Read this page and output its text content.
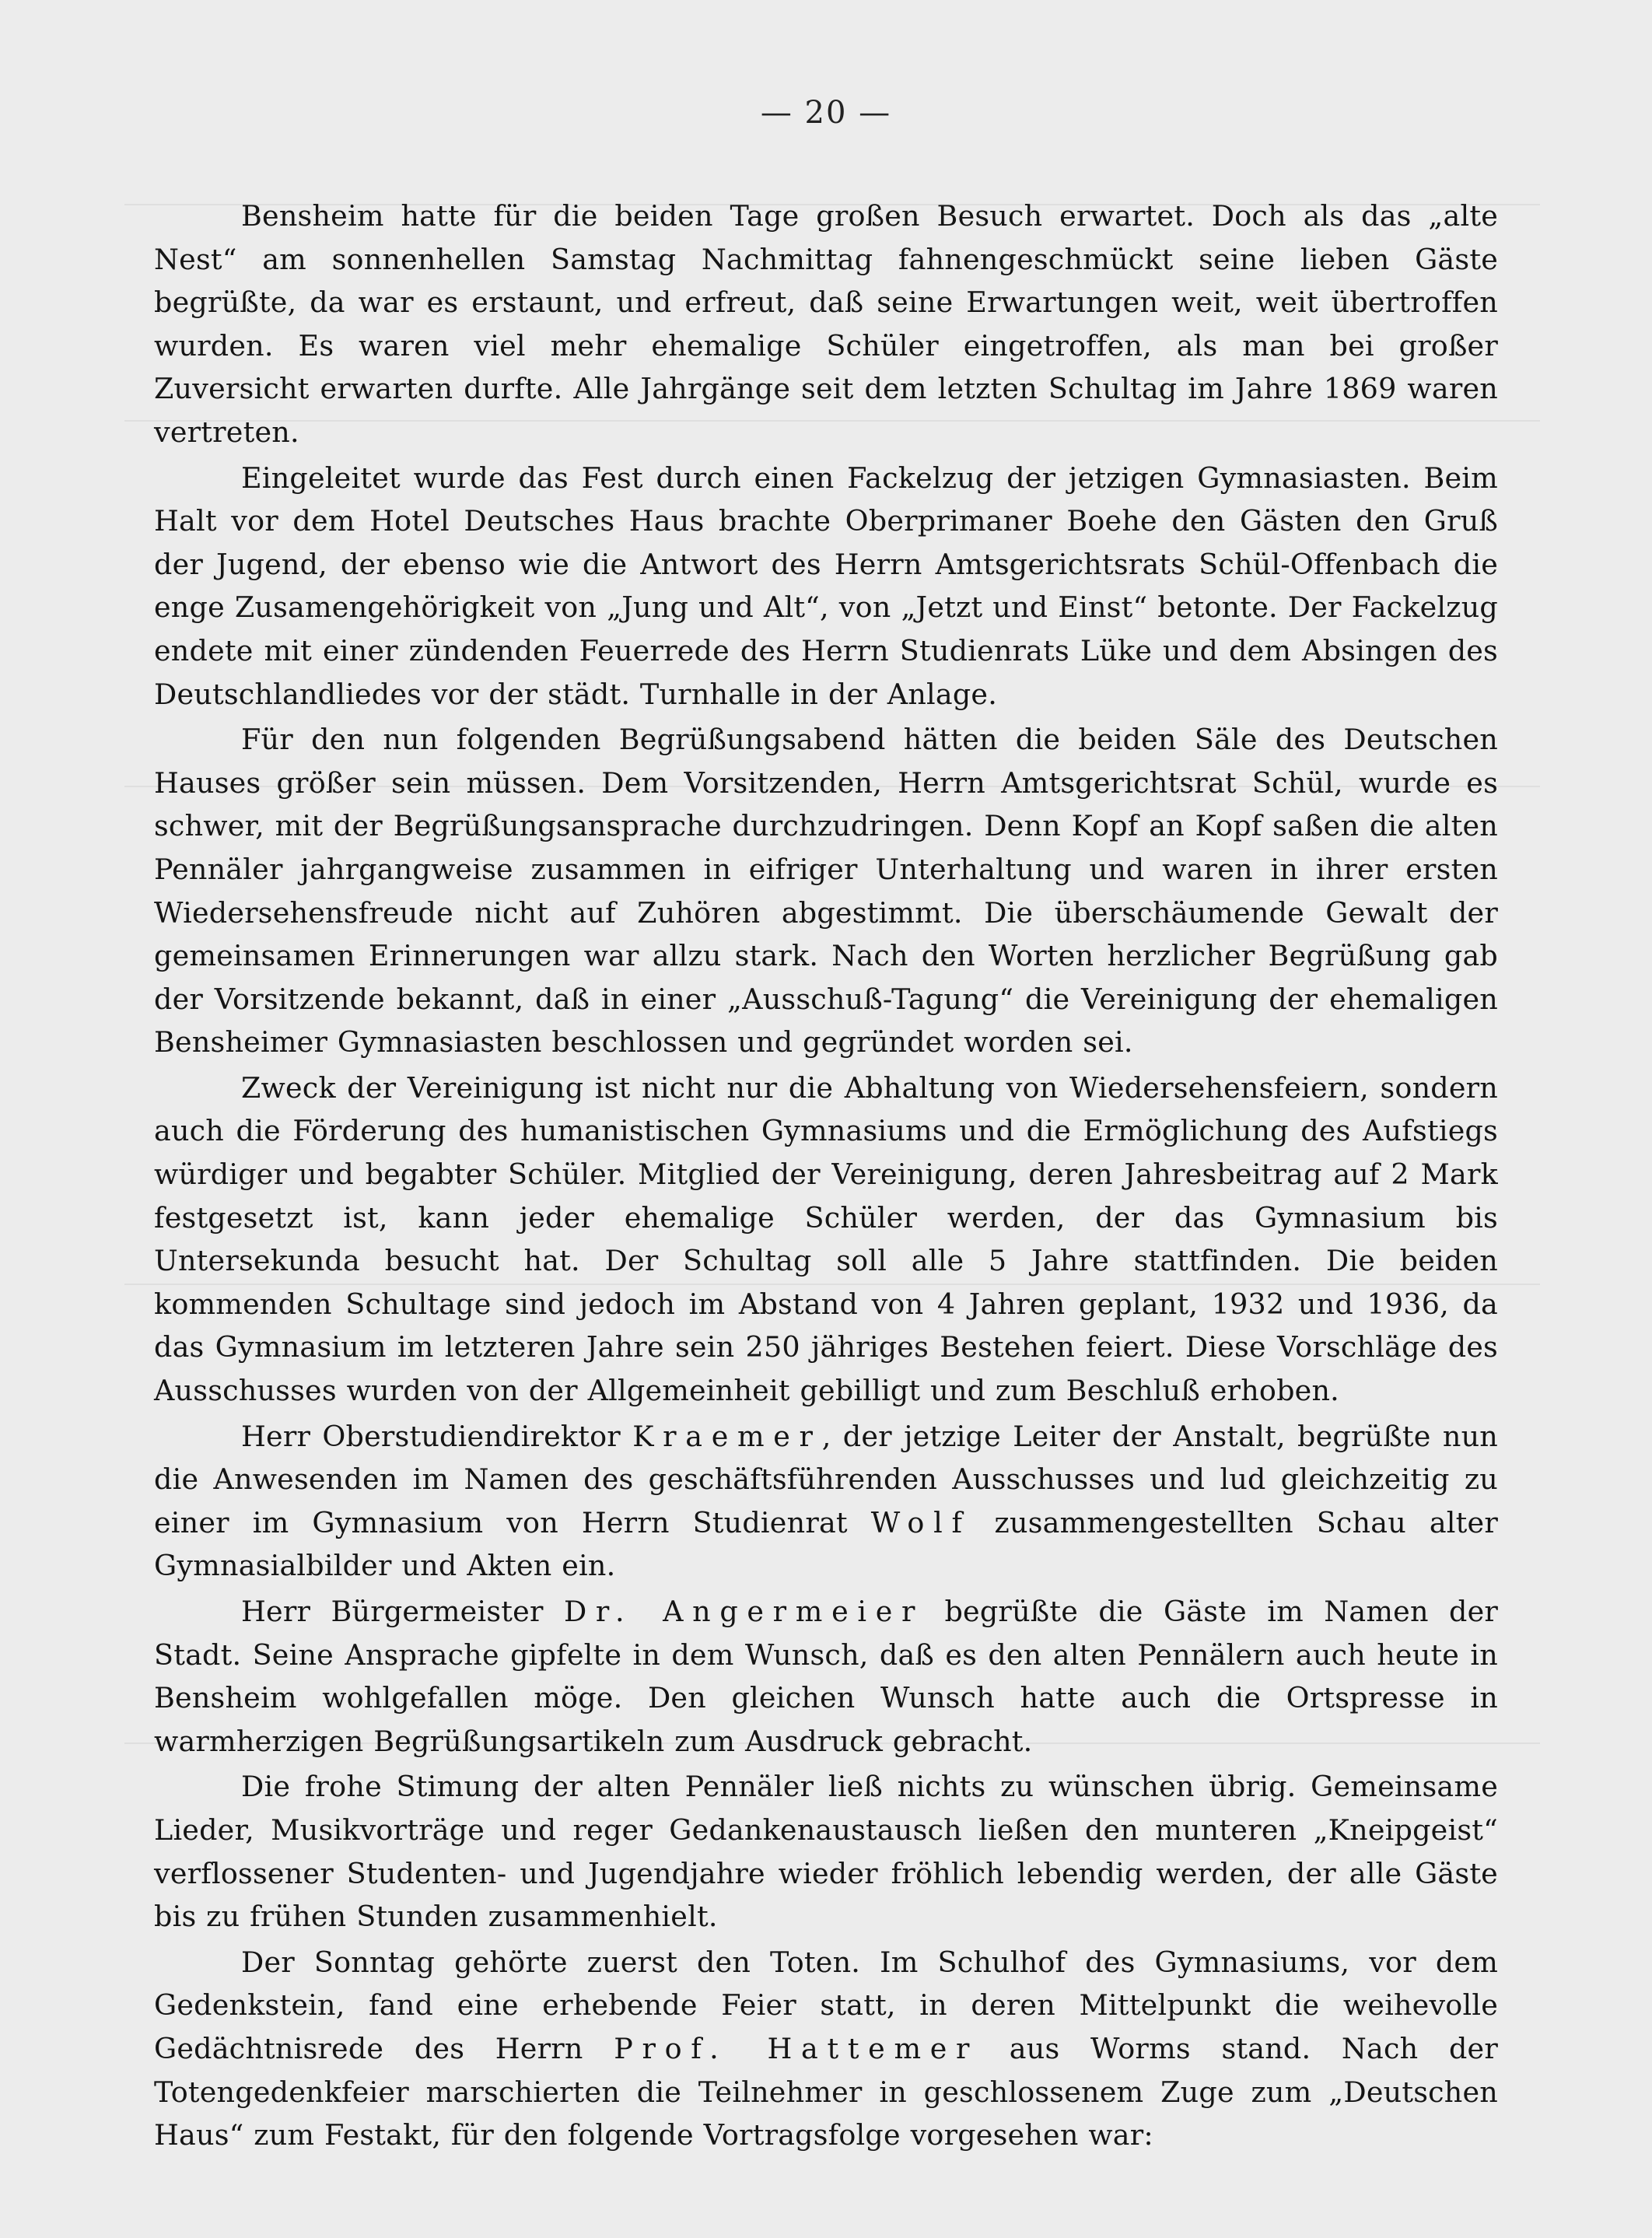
— 20 —

Bensheim hatte für die beiden Tage großen Besuch erwartet. Doch als das „alte Nest“ am sonnenhellen Samstag Nachmittag fahnengeschmückt seine lieben Gäste begrüßte, da war es erstaunt, und erfreut, daß seine Erwartungen weit, weit übertroffen wurden. Es waren viel mehr ehemalige Schüler eingetroffen, als man bei großer Zuversicht erwarten durfte. Alle Jahrgänge seit dem letzten Schultag im Jahre 1869 waren vertreten.

Eingeleitet wurde das Fest durch einen Fackelzug der jetzigen Gymnasiasten. Beim Halt vor dem Hotel Deutsches Haus brachte Oberprimaner Boehe den Gästen den Gruß der Jugend, der ebenso wie die Antwort des Herrn Amtsgerichtsrats Schül-Offenbach die enge Zusamengehörigkeit von „Jung und Alt“, von „Jetzt und Einst“ betonte. Der Fackelzug endete mit einer zündenden Feuerrede des Herrn Studienrats Lüke und dem Absingen des Deutschlandliedes vor der städt. Turnhalle in der Anlage.

Für den nun folgenden Begrüßungsabend hätten die beiden Säle des Deutschen Hauses größer sein müssen. Dem Vorsitzenden, Herrn Amtsgerichtsrat Schül, wurde es schwer, mit der Begrüßungsansprache durchzudringen. Denn Kopf an Kopf saßen die alten Pennäler jahrgangweise zusammen in eifriger Unterhaltung und waren in ihrer ersten Wiedersehensfreude nicht auf Zuhören abgestimmt. Die überschäumende Gewalt der gemeinsamen Erinnerungen war allzu stark. Nach den Worten herzlicher Begrüßung gab der Vorsitzende bekannt, daß in einer „Ausschuß-Tagung“ die Vereinigung der ehemaligen Bensheimer Gymnasiasten beschlossen und gegründet worden sei.

Zweck der Vereinigung ist nicht nur die Abhaltung von Wiedersehensfeiern, sondern auch die Förderung des humanistischen Gymnasiums und die Ermöglichung des Aufstiegs würdiger und begabter Schüler. Mitglied der Vereinigung, deren Jahresbeitrag auf 2 Mark festgesetzt ist, kann jeder ehemalige Schüler werden, der das Gymnasium bis Untersekunda besucht hat. Der Schultag soll alle 5 Jahre stattfinden. Die beiden kommenden Schultage sind jedoch im Abstand von 4 Jahren geplant, 1932 und 1936, da das Gymnasium im letzteren Jahre sein 250 jähriges Bestehen feiert. Diese Vorschläge des Ausschusses wurden von der Allgemeinheit gebilligt und zum Beschluß erhoben.

Herr Oberstudiendirektor Kraemer, der jetzige Leiter der Anstalt, begrüßte nun die Anwesenden im Namen des geschäftsführenden Ausschusses und lud gleichzeitig zu einer im Gymnasium von Herrn Studienrat Wolf zusammengestellten Schau alter Gymnasialbilder und Akten ein.

Herr Bürgermeister Dr. Angermeier begrüßte die Gäste im Namen der Stadt. Seine Ansprache gipfelte in dem Wunsch, daß es den alten Pennälern auch heute in Bensheim wohlgefallen möge. Den gleichen Wunsch hatte auch die Ortspresse in warmherzigen Begrüßungsartikeln zum Ausdruck gebracht.

Die frohe Stimung der alten Pennäler ließ nichts zu wünschen übrig. Gemeinsame Lieder, Musikvorträge und reger Gedankenaustausch ließen den munteren „Kneipgeist“ verflossener Studenten- und Jugendjahre wieder fröhlich lebendig werden, der alle Gäste bis zu frühen Stunden zusammenhielt.

Der Sonntag gehörte zuerst den Toten. Im Schulhof des Gymnasiums, vor dem Gedenkstein, fand eine erhebende Feier statt, in deren Mittelpunkt die weihevolle Gedächtnisrede des Herrn Prof. Hattemer aus Worms stand. Nach der Totengedenkfeier marschierten die Teilnehmer in geschlossenem Zuge zum „Deutschen Haus“ zum Festakt, für den folgende Vortragsfolge vorgesehen war:
